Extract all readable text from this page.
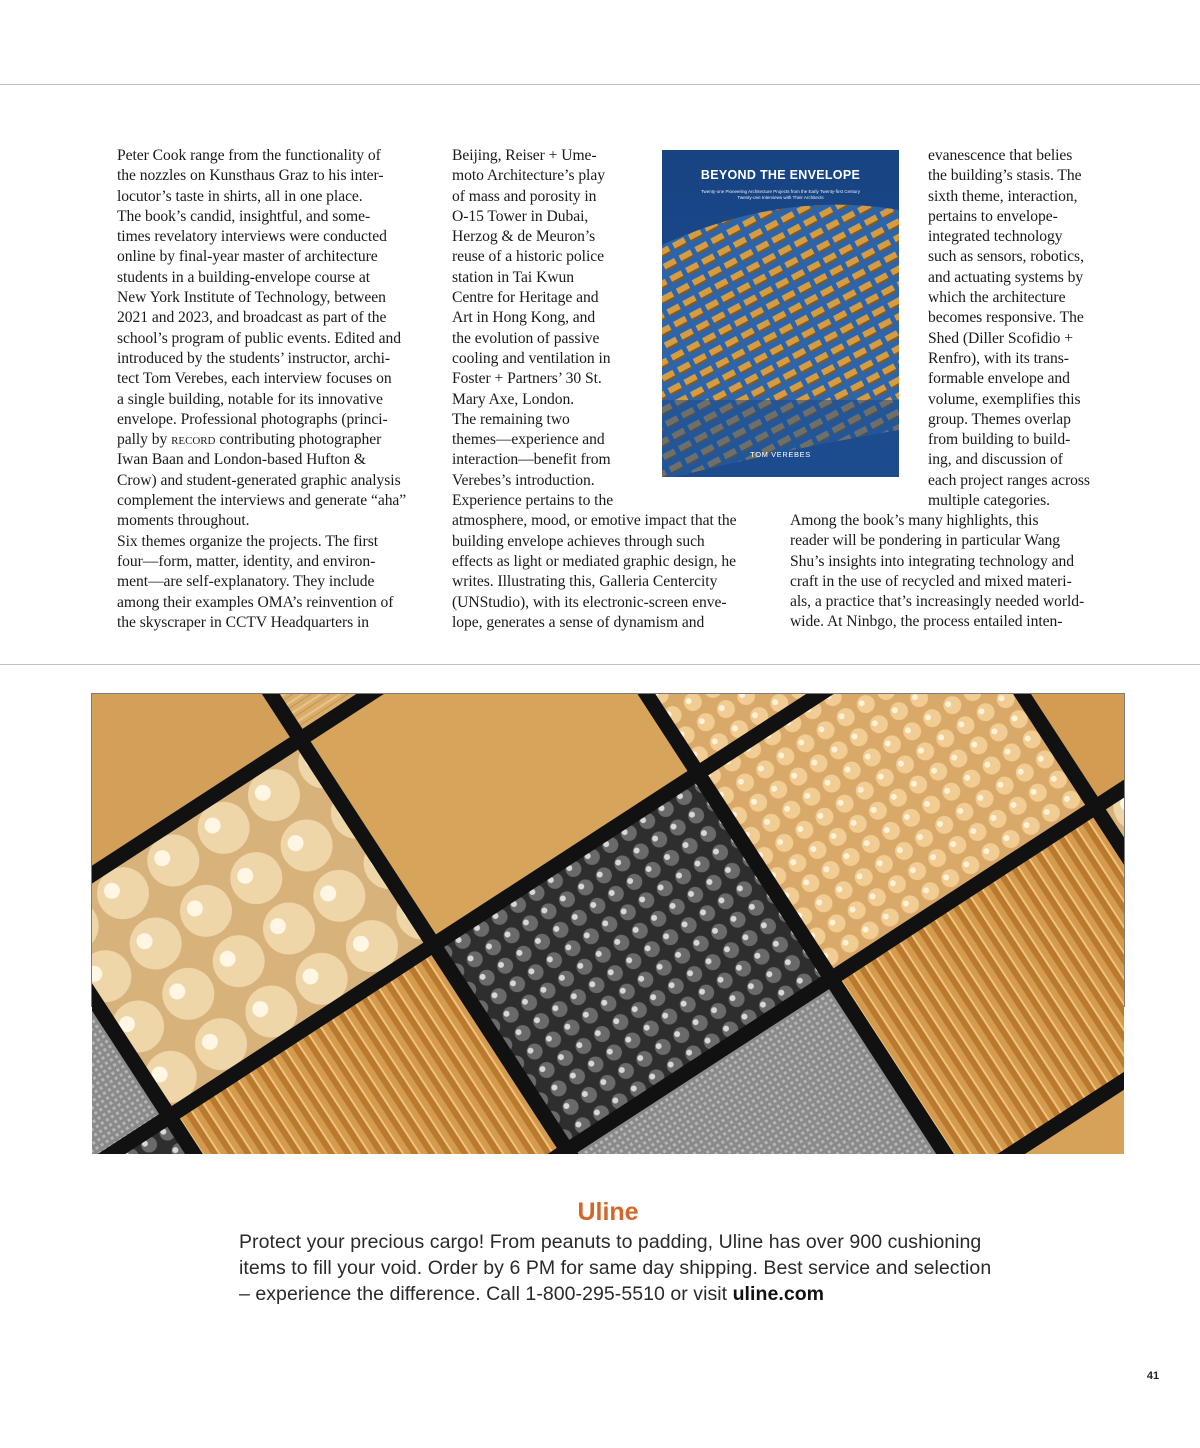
Peter Cook range from the functionality of
the nozzles on Kunsthaus Graz to his inter-
locutor’s taste in shirts, all in one place.
The book’s candid, insightful, and some-
times revelatory interviews were conducted
online by final-year master of architecture
students in a building-envelope course at
New York Institute of Technology, between
2021 and 2023, and broadcast as part of the
school’s program of public events. Edited and
introduced by the students’ instructor, archi-
tect Tom Verebes, each interview focuses on
a single building, notable for its innovative
envelope. Professional photographs (princi-
pally by record contributing photographer
Iwan Baan and London-based Hufton &
Crow) and student-generated graphic analysis
complement the interviews and generate “aha”
moments throughout.
Six themes organize the projects. The first
four—form, matter, identity, and environ-
ment—are self-explanatory. They include
among their examples OMA’s reinvention of
the skyscraper in CCTV Headquarters in

Beijing, Reiser + Ume-
moto Architecture’s play
of mass and porosity in
O-15 Tower in Dubai,
Herzog & de Meuron’s
reuse of a historic police
station in Tai Kwun
Centre for Heritage and
Art in Hong Kong, and
the evolution of passive
cooling and ventilation in
Foster + Partners’ 30 St.
Mary Axe, London.
The remaining two
themes—experience and
interaction—benefit from
Verebes’s introduction.
Experience pertains to the
atmosphere, mood, or emotive impact that the
building envelope achieves through such
effects as light or mediated graphic design, he
writes. Illustrating this, Galleria Centercity
(UNStudio), with its electronic-screen enve-
lope, generates a sense of dynamism and

BEYOND THE ENVELOPE
Twenty-one Pioneering Architecture Projects from the Early Twenty-first Century
Twenty-one Interviews with Their Architects
TOM VEREBES

evanescence that belies
the building’s stasis. The
sixth theme, interaction,
pertains to envelope-
integrated technology
such as sensors, robotics,
and actuating systems by
which the architecture
becomes responsive. The
Shed (Diller Scofidio +
Renfro), with its trans-
formable envelope and
volume, exemplifies this
group. Themes overlap
from building to build-
ing, and discussion of
each project ranges across
multiple categories.

Among the book’s many highlights, this
reader will be pondering in particular Wang
Shu’s insights into integrating technology and
craft in the use of recycled and mixed materi-
als, a practice that’s increasingly needed world-
wide. At Ninbgo, the process entailed inten-

Uline

Protect your precious cargo! From peanuts to padding, Uline has over 900 cushioning items to fill your void. Order by 6 PM for same day shipping. Best service and selection – experience the difference. Call 1-800-295-5510 or visit uline.com

41
